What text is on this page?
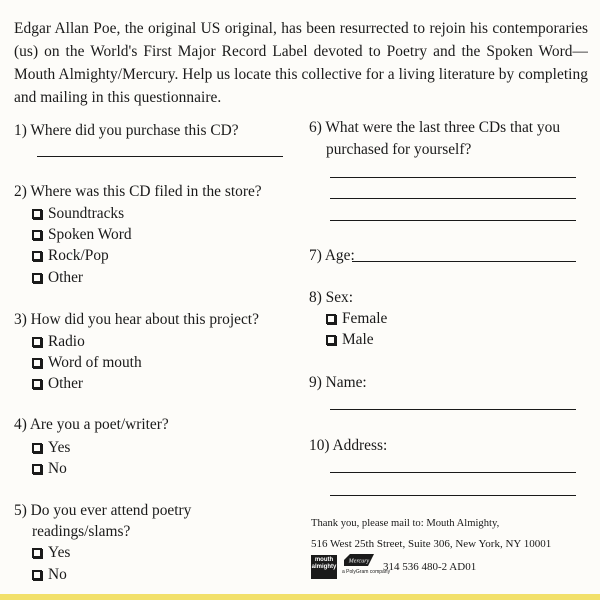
Edgar Allan Poe, the original US original, has been resurrected to rejoin his contemporaries (us) on the World's First Major Record Label devoted to Poetry and the Spoken Word—Mouth Almighty/Mercury. Help us locate this collective for a living literature by completing and mailing in this questionnaire.
1) Where did you purchase this CD?
2) Where was this CD filed in the store?
Soundtracks
Spoken Word
Rock/Pop
Other
3) How did you hear about this project?
Radio
Word of mouth
Other
4) Are you a poet/writer?
Yes
No
5) Do you ever attend poetry
readings/slams?
Yes
No
6) What were the last three CDs that you
purchased for yourself?
7) Age:
8) Sex:
Female
Male
9) Name:
10) Address:
Thank you, please mail to: Mouth Almighty,
516 West 25th Street, Suite 306, New York, NY 10001
mouth almighty
Mercury
a PolyGram company
314 536 480-2 AD01
